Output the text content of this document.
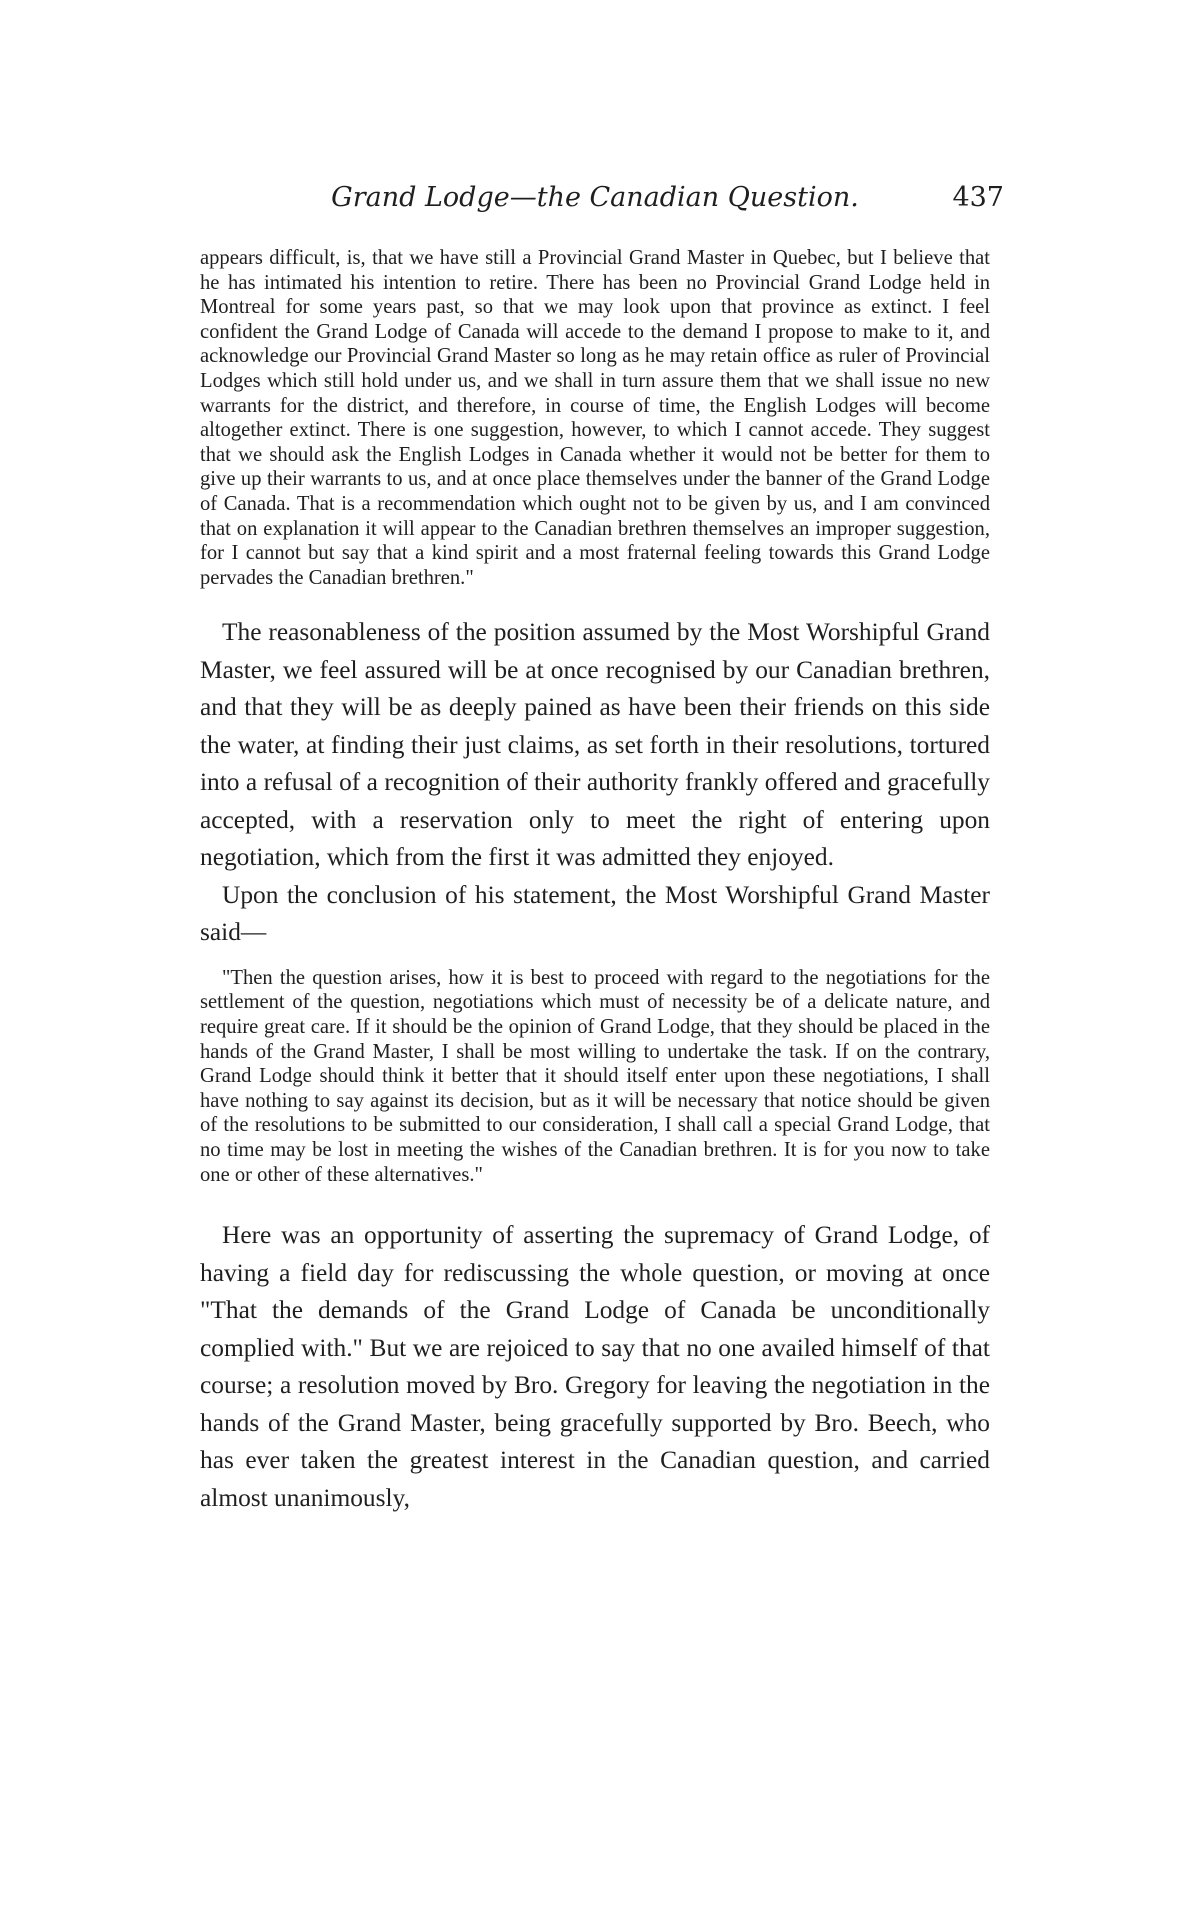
Grand Lodge—the Canadian Question.	437

appears difficult, is, that we have still a Provincial Grand Master in Quebec, but I believe that he has intimated his intention to retire. There has been no Provincial Grand Lodge held in Montreal for some years past, so that we may look upon that province as extinct. I feel confident the Grand Lodge of Canada will accede to the demand I propose to make to it, and acknowledge our Provincial Grand Master so long as he may retain office as ruler of Provincial Lodges which still hold under us, and we shall in turn assure them that we shall issue no new warrants for the district, and therefore, in course of time, the English Lodges will become altogether extinct. There is one suggestion, however, to which I cannot accede. They suggest that we should ask the English Lodges in Canada whether it would not be better for them to give up their warrants to us, and at once place themselves under the banner of the Grand Lodge of Canada. That is a recommendation which ought not to be given by us, and I am convinced that on explanation it will appear to the Canadian brethren themselves an improper suggestion, for I cannot but say that a kind spirit and a most fraternal feeling towards this Grand Lodge pervades the Canadian brethren."

The reasonableness of the position assumed by the Most Worshipful Grand Master, we feel assured will be at once recognised by our Canadian brethren, and that they will be as deeply pained as have been their friends on this side the water, at finding their just claims, as set forth in their resolutions, tortured into a refusal of a recognition of their authority frankly offered and gracefully accepted, with a reservation only to meet the right of entering upon negotiation, which from the first it was admitted they enjoyed.

Upon the conclusion of his statement, the Most Worshipful Grand Master said—

"Then the question arises, how it is best to proceed with regard to the negotiations for the settlement of the question, negotiations which must of necessity be of a delicate nature, and require great care. If it should be the opinion of Grand Lodge, that they should be placed in the hands of the Grand Master, I shall be most willing to undertake the task. If on the contrary, Grand Lodge should think it better that it should itself enter upon these negotiations, I shall have nothing to say against its decision, but as it will be necessary that notice should be given of the resolutions to be submitted to our consideration, I shall call a special Grand Lodge, that no time may be lost in meeting the wishes of the Canadian brethren. It is for you now to take one or other of these alternatives."

Here was an opportunity of asserting the supremacy of Grand Lodge, of having a field day for rediscussing the whole question, or moving at once "That the demands of the Grand Lodge of Canada be unconditionally complied with." But we are rejoiced to say that no one availed himself of that course; a resolution moved by Bro. Gregory for leaving the negotiation in the hands of the Grand Master, being gracefully supported by Bro. Beech, who has ever taken the greatest interest in the Canadian question, and carried almost unanimously,
